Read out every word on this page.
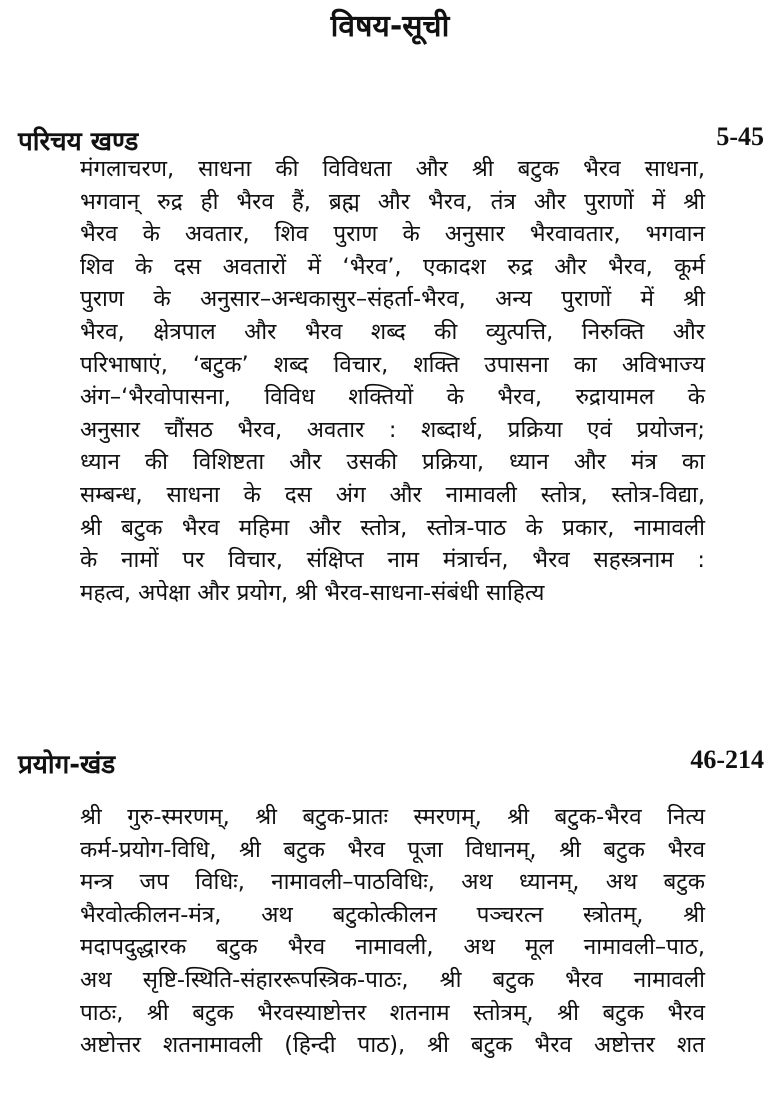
विषय-सूची
परिचय खण्ड	5-45
मंगलाचरण, साधना की विविधता और श्री बटुक भैरव साधना,
भगवान् रुद्र ही भैरव हैं, ब्रह्म और भैरव, तंत्र और पुराणों में श्री
भैरव के अवतार, शिव पुराण के अनुसार भैरवावतार, भगवान
शिव के दस अवतारों में ‘भैरव’, एकादश रुद्र और भैरव, कूर्म
पुराण के अनुसार–अन्धकासुर–संहर्ता-भैरव, अन्य पुराणों में श्री
भैरव, क्षेत्रपाल और भैरव शब्द की व्युत्पत्ति, निरुक्ति और
परिभाषाएं, ‘बटुक’ शब्द विचार, शक्ति उपासना का अविभाज्य
अंग–‘भैरवोपासना, विविध शक्तियों के भैरव, रुद्रायामल के
अनुसार चौंसठ भैरव, अवतार : शब्दार्थ, प्रक्रिया एवं प्रयोजन;
ध्यान की विशिष्टता और उसकी प्रक्रिया, ध्यान और मंत्र का
सम्बन्ध, साधना के दस अंग और नामावली स्तोत्र, स्तोत्र-विद्या,
श्री बटुक भैरव महिमा और स्तोत्र, स्तोत्र-पाठ के प्रकार, नामावली
के नामों पर विचार, संक्षिप्त नाम मंत्रार्चन, भैरव सहस्त्रनाम :
महत्व, अपेक्षा और प्रयोग, श्री भैरव-साधना-संबंधी साहित्य
प्रयोग-खंड	46-214
श्री गुरु-स्मरणम्, श्री बटुक-प्रातः स्मरणम्, श्री बटुक-भैरव नित्य
कर्म-प्रयोग-विधि, श्री बटुक भैरव पूजा विधानम्, श्री बटुक भैरव
मन्त्र जप विधिः, नामावली–पाठविधिः, अथ ध्यानम्, अथ बटुक
भैरवोत्कीलन-मंत्र, अथ बटुकोत्कीलन पञ्चरत्न स्त्रोतम्, श्री
मदापदुद्धारक बटुक भैरव नामावली, अथ मूल नामावली–पाठ,
अथ सृष्टि-स्थिति-संहाररूपस्त्रिक-पाठः, श्री बटुक भैरव नामावली
पाठः, श्री बटुक भैरवस्याष्टोत्तर शतनाम स्तोत्रम्, श्री बटुक भैरव
अष्टोत्तर शतनामावली (हिन्दी पाठ), श्री बटुक भैरव अष्टोत्तर शत
